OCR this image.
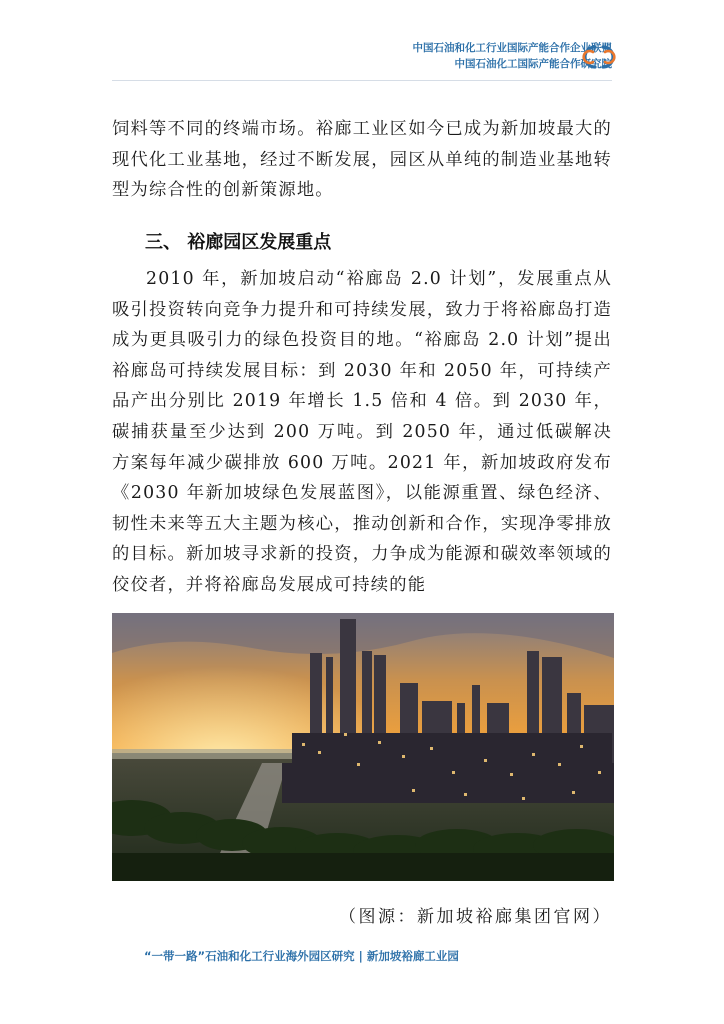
中国石油和化工行业国际产能合作企业联盟
中国石油化工国际产能合作研究院

饲料等不同的终端市场。裕廊工业区如今已成为新加坡最大的现代化工业基地，经过不断发展，园区从单纯的制造业基地转型为综合性的创新策源地。

三、 裕廊园区发展重点

2010 年，新加坡启动“裕廊岛 2.0 计划”，发展重点从吸引投资转向竞争力提升和可持续发展，致力于将裕廊岛打造成为更具吸引力的绿色投资目的地。“裕廊岛 2.0 计划”提出裕廊岛可持续发展目标：到 2030 年和 2050 年，可持续产品产出分别比 2019 年增长 1.5 倍和 4 倍。到 2030 年，碳捕获量至少达到 200 万吨。到 2050 年，通过低碳解决方案每年减少碳排放 600 万吨。2021 年，新加坡政府发布《2030 年新加坡绿色发展蓝图》，以能源重置、绿色经济、韧性未来等五大主题为核心，推动创新和合作，实现净零排放的目标。新加坡寻求新的投资，力争成为能源和碳效率领域的佼佼者，并将裕廊岛发展成可持续的能

（图源：新加坡裕廊集团官网）
“一带一路”石油和化工行业海外园区研究 | 新加坡裕廊工业园
